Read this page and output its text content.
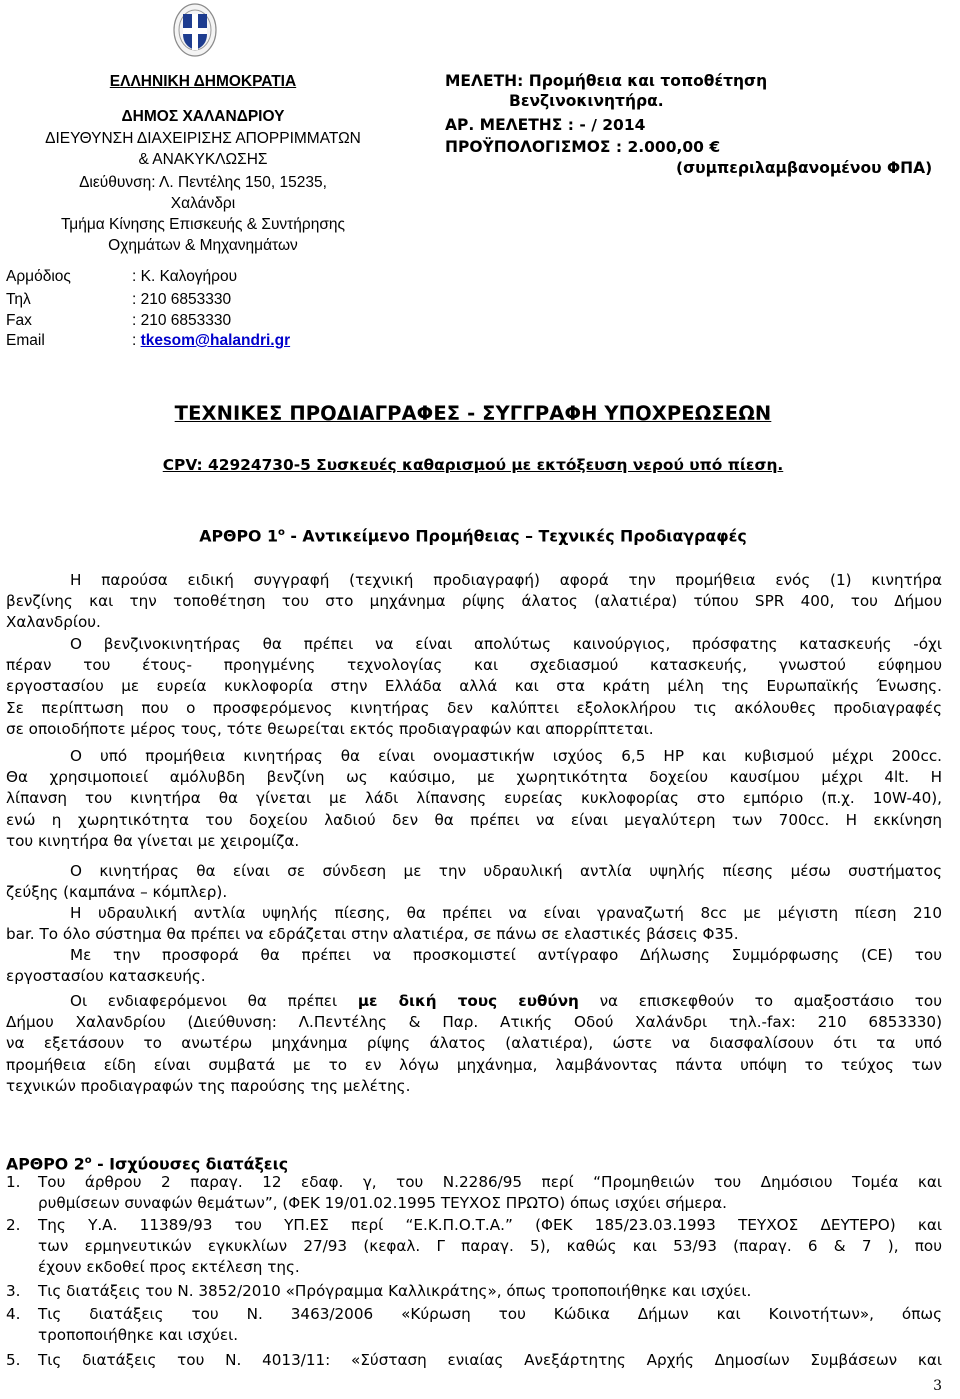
ΕΛΛΗΝΙΚΗ ΔΗΜΟΚΡΑΤΙΑ
ΔΗΜΟΣ ΧΑΛΑΝΔΡΙΟΥ
ΔΙΕΥΘΥΝΣΗ ΔΙΑΧΕΙΡΙΣΗΣ ΑΠΟΡΡΙΜΜΑΤΩΝ
& ΑΝΑΚΥΚΛΩΣΗΣ
Διεύθυνση: Λ. Πεντέλης 150, 15235,
Χαλάνδρι
Τμήμα Κίνησης Επισκευής & Συντήρησης
Οχημάτων & Μηχανημάτων
Αρμόδιος	: Κ. Καλογήρου
Τηλ	: 210 6853330
Fax	: 210 6853330
Email	: tkesom@halandri.gr
ΜΕΛΕΤΗ: Προμήθεια και τοποθέτηση
Βενζινοκινητήρα.
ΑΡ. ΜΕΛΕΤΗΣ : - / 2014
ΠΡΟΫΠΟΛΟΓΙΣΜΟΣ : 2.000,00 €
(συμπεριλαμβανομένου ΦΠΑ)
ΤΕΧΝΙΚΕΣ ΠΡΟΔΙΑΓΡΑΦΕΣ - ΣΥΓΓΡΑΦΗ ΥΠΟΧΡΕΩΣΕΩΝ
CPV: 42924730-5 Συσκευές καθαρισμού με εκτόξευση νερού υπό πίεση.
ΑΡΘΡΟ $1^o$ - Αντικείμενο Προμήθειας – Τεχνικές Προδιαγραφές
Η παρούσα ειδική συγγραφή (τεχνική προδιαγραφή) αφορά την προμήθεια ενός (1) κινητήρα
βενζίνης και την τοποθέτηση του στο μηχάνημα ρίψης άλατος (αλατιέρα) τύπου SPR 400, του Δήμου
Χαλανδρίου.
Ο βενζινοκινητήρας θα πρέπει να είναι απολύτως καινούργιος, πρόσφατης κατασκευής -όχι
πέραν του έτους- προηγμένης τεχνολογίας και σχεδιασμού κατασκευής, γνωστού εύφημου
εργοστασίου με ευρεία κυκλοφορία στην Ελλάδα αλλά και στα κράτη μέλη της Ευρωπαϊκής Ένωσης.
Σε περίπτωση που ο προσφερόμενος κινητήρας δεν καλύπτει εξολοκλήρου τις ακόλουθες προδιαγραφές
σε οποιοδήποτε μέρος τους, τότε θεωρείται εκτός προδιαγραφών και απορρίπτεται.
Ο υπό προμήθεια κινητήρας θα είναι ονομαστικήw ισχύος 6,5 HP και κυβισμού μέχρι 200cc.
Θα χρησιμοποιεί αμόλυβδη βενζίνη ως καύσιμο, με χωρητικότητα δοχείου καυσίμου μέχρι 4lt. Η
λίπανση του κινητήρα θα γίνεται με λάδι λίπανσης ευρείας κυκλοφορίας στο εμπόριο (π.χ. 10W-40),
ενώ η χωρητικότητα του δοχείου λαδιού δεν θα πρέπει να είναι μεγαλύτερη των 700cc. Η εκκίνηση
του κινητήρα θα γίνεται με χειρομίζα.
Ο κινητήρας θα είναι σε σύνδεση με την υδραυλική αντλία υψηλής πίεσης μέσω συστήματος
ζεύξης (καμπάνα – κόμπλερ).
Η υδραυλική αντλία υψηλής πίεσης, θα πρέπει να είναι γραναζωτή 8cc με μέγιστη πίεση 210
bar. Το όλο σύστημα θα πρέπει να εδράζεται στην αλατιέρα, σε πάνω σε ελαστικές βάσεις Φ35.
Με την προσφορά θα πρέπει να προσκομιστεί αντίγραφο Δήλωσης Συμμόρφωσης (CE) του
εργοστασίου κατασκευής.
Οι ενδιαφερόμενοι θα πρέπει με δική τους ευθύνη να επισκεφθούν το αμαξοστάσιο του
Δήμου Χαλανδρίου (Διεύθυνση: Λ.Πεντέλης & Παρ. Ατικής Οδού Χαλάνδρι τηλ.-fax: 210 6853330)
να εξετάσουν το ανωτέρω μηχάνημα ρίψης άλατος (αλατιέρα), ώστε να διασφαλίσουν ότι τα υπό
προμήθεια είδη είναι συμβατά με το εν λόγω μηχάνημα, λαμβάνοντας πάντα υπόψη το τεύχος των
τεχνικών προδιαγραφών της παρούσης της μελέτης.
ΑΡΘΡΟ $2^o$ - Ισχύουσες διατάξεις
1. Του άρθρου 2 παραγ. 12 εδαφ. γ, του Ν.2286/95 περί “Προμηθειών του Δημόσιου Τομέα και
ρυθμίσεων συναφών θεμάτων”, (ΦΕΚ 19/01.02.1995 ΤΕΥΧΟΣ ΠΡΩΤΟ) όπως ισχύει σήμερα.
2. Της Υ.Α. 11389/93 του ΥΠ.ΕΣ περί “Ε.Κ.Π.Ο.Τ.Α.” (ΦΕΚ 185/23.03.1993 ΤΕΥΧΟΣ ΔΕΥΤΕΡΟ) και
των ερμηνευτικών εγκυκλίων 27/93 (κεφαλ. Γ παραγ. 5), καθώς και 53/93 (παραγ. 6 & 7 ), που
έχουν εκδοθεί προς εκτέλεση της.
3. Τις διατάξεις του Ν. 3852/2010 «Πρόγραμμα Καλλικράτης», όπως τροποποιήθηκε και ισχύει.
4. Τις διατάξεις του Ν. 3463/2006 «Κύρωση του Κώδικα Δήμων και Κοινοτήτων», όπως
τροποποιήθηκε και ισχύει.
5. Τις διατάξεις του Ν. 4013/11: «Σύσταση ενιαίας Ανεξάρτητης Αρχής Δημοσίων Συμβάσεων και
3
